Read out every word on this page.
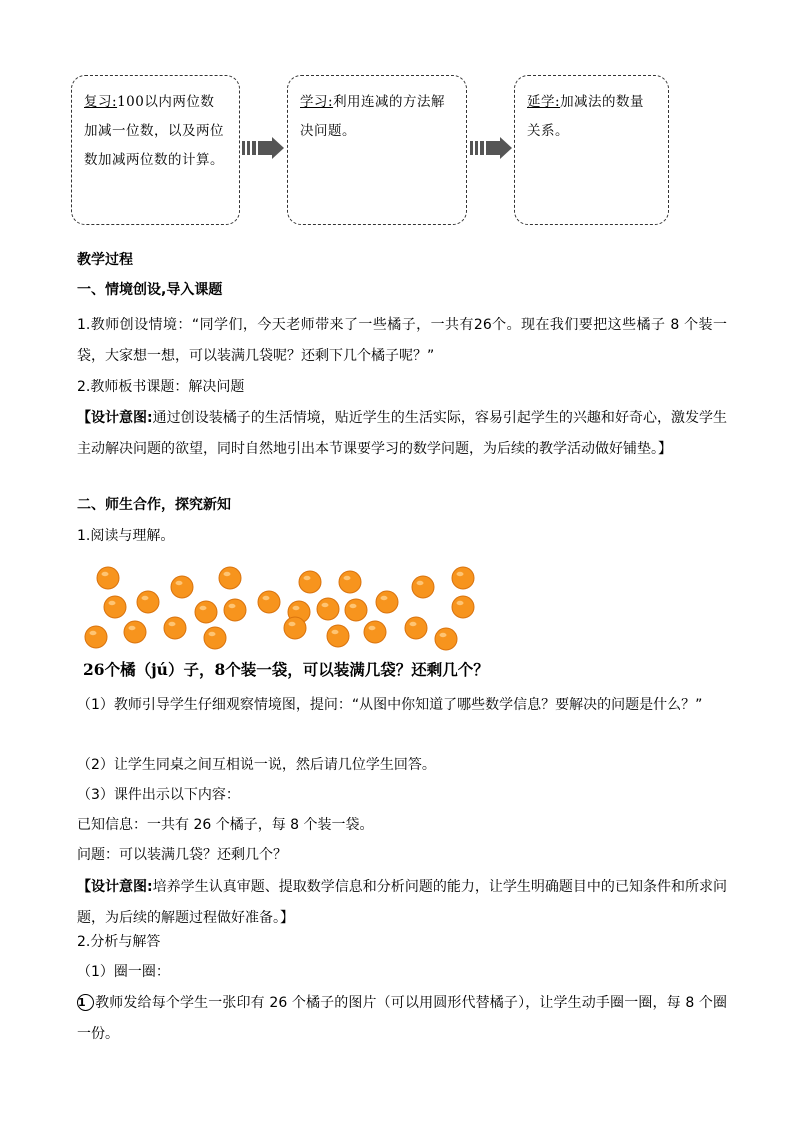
复习:100以内两位数加减一位数，以及两位数加减两位数的计算。
学习:利用连减的方法解决问题。
延学:加减法的数量关系。

教学过程

一、情境创设,导入课题

1.教师创设情境：“同学们，今天老师带来了一些橘子，一共有26个。现在我们要把这些橘子 8 个装一袋，大家想一想，可以装满几袋呢？还剩下几个橘子呢？”

2.教师板书课题：解决问题

【设计意图:通过创设装橘子的生活情境，贴近学生的生活实际，容易引起学生的兴趣和好奇心，激发学生主动解决问题的欲望，同时自然地引出本节课要学习的数学问题，为后续的教学活动做好铺垫。】

二、师生合作，探究新知

1.阅读与理解。

26个橘（jú）子，8个装一袋，可以装满几袋？还剩几个？

（1）教师引导学生仔细观察情境图，提问：“从图中你知道了哪些数学信息？要解决的问题是什么？”

（2）让学生同桌之间互相说一说，然后请几位学生回答。

（3）课件出示以下内容：

已知信息：一共有 26 个橘子，每 8 个装一袋。

问题：可以装满几袋？还剩几个？

【设计意图:培养学生认真审题、提取数学信息和分析问题的能力，让学生明确题目中的已知条件和所求问题，为后续的解题过程做好准备。】

2.分析与解答

（1）圈一圈：

1 教师发给每个学生一张印有 26 个橘子的图片（可以用圆形代替橘子），让学生动手圈一圈，每 8 个圈一份。
